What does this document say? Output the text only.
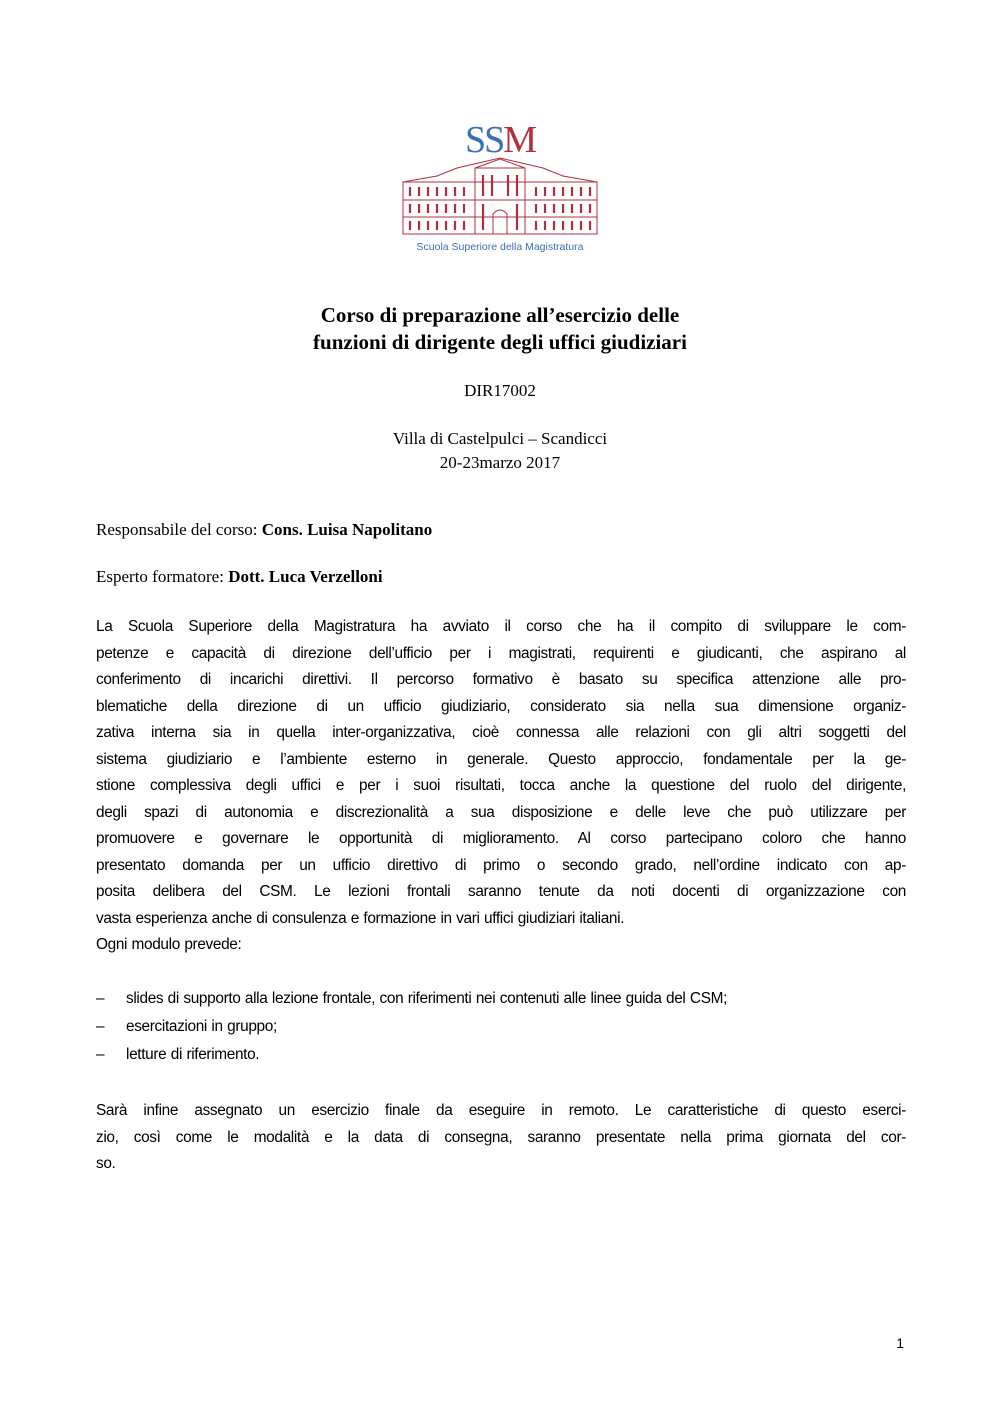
SSM
Scuola Superiore della Magistratura
Corso di preparazione all’esercizio delle
funzioni di dirigente degli uffici giudiziari
DIR17002
Villa di Castelpulci – Scandicci
20-23marzo 2017
Responsabile del corso: Cons. Luisa Napolitano
Esperto formatore: Dott. Luca Verzelloni
La Scuola Superiore della Magistratura ha avviato il corso che ha il compito di sviluppare le com-
petenze e capacità di direzione dell’ufficio per i magistrati, requirenti e giudicanti, che aspirano al
conferimento di incarichi direttivi. Il percorso formativo è basato su specifica attenzione alle pro-
blematiche della direzione di un ufficio giudiziario, considerato sia nella sua dimensione organiz-
zativa interna sia in quella inter-organizzativa, cioè connessa alle relazioni con gli altri soggetti del
sistema giudiziario e l’ambiente esterno in generale. Questo approccio, fondamentale per la ge-
stione complessiva degli uffici e per i suoi risultati, tocca anche la questione del ruolo del dirigente,
degli spazi di autonomia e discrezionalità a sua disposizione e delle leve che può utilizzare per
promuovere e governare le opportunità di miglioramento. Al corso partecipano coloro che hanno
presentato domanda per un ufficio direttivo di primo o secondo grado, nell’ordine indicato con ap-
posita delibera del CSM. Le lezioni frontali saranno tenute da noti docenti di organizzazione con
vasta esperienza anche di consulenza e formazione in vari uffici giudiziari italiani.
Ogni modulo prevede:
– slides di supporto alla lezione frontale, con riferimenti nei contenuti alle linee guida del CSM;
– esercitazioni in gruppo;
– letture di riferimento.
Sarà infine assegnato un esercizio finale da eseguire in remoto. Le caratteristiche di questo eserci-
zio, così come le modalità e la data di consegna, saranno presentate nella prima giornata del cor-
so.
1
